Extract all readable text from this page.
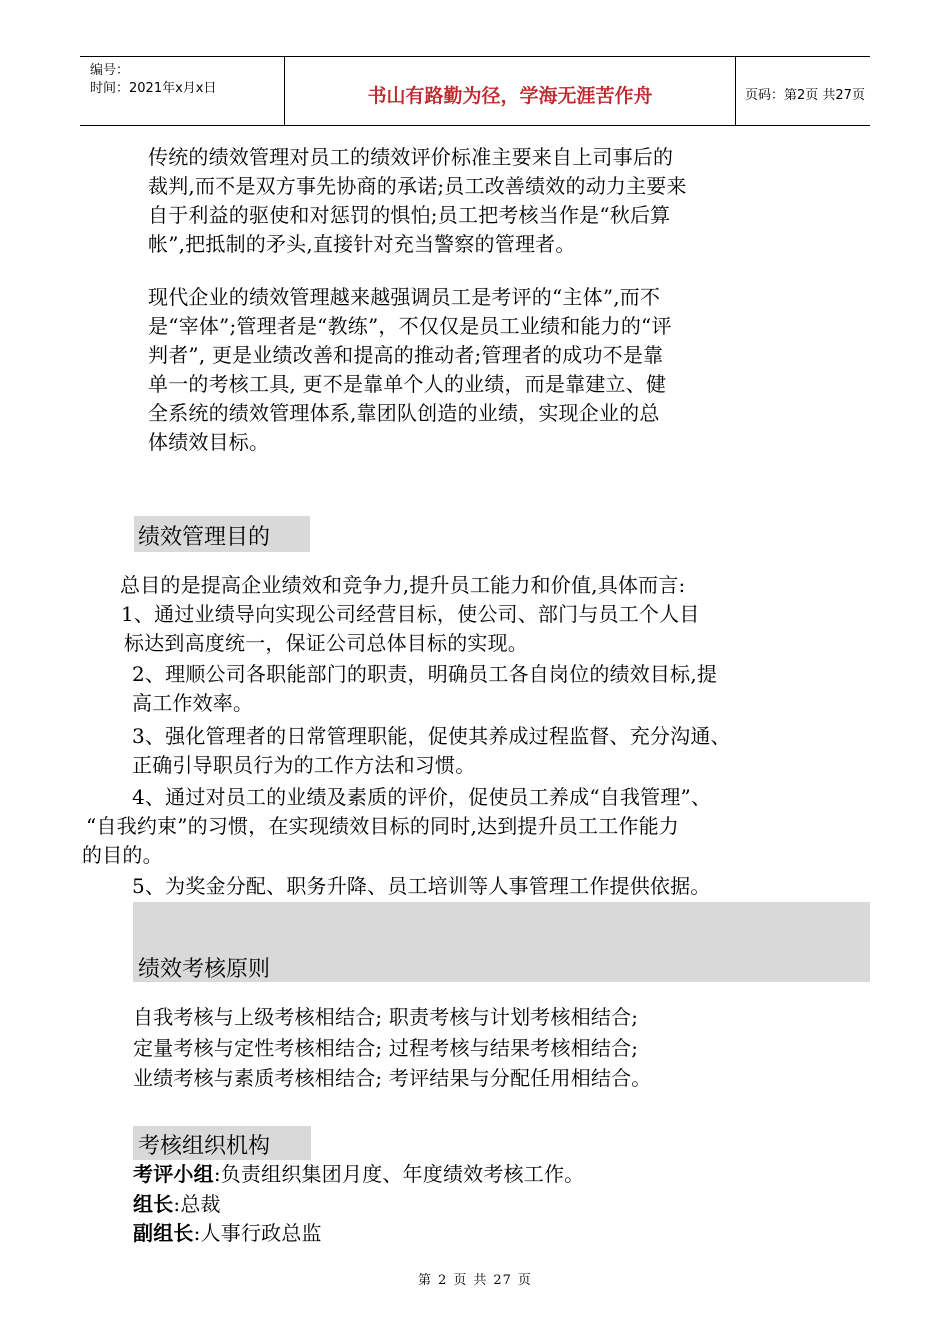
编号：
时间：2021年x月x日	书山有路勤为径，学海无涯苦作舟	页码：第2页 共27页
传统的绩效管理对员工的绩效评价标准主要来自上司事后的
裁判,而不是双方事先协商的承诺;员工改善绩效的动力主要来
自于利益的驱使和对惩罚的惧怕;员工把考核当作是“秋后算
帐”,把抵制的矛头,直接针对充当警察的管理者。
现代企业的绩效管理越来越强调员工是考评的“主体”,而不
是“宰体”;管理者是“教练”，不仅仅是员工业绩和能力的“评
判者”, 更是业绩改善和提高的推动者;管理者的成功不是靠
单一的考核工具, 更不是靠单个人的业绩，而是靠建立、健
全系统的绩效管理体系,靠团队创造的业绩，实现企业的总
体绩效目标。
绩效管理目的
总目的是提高企业绩效和竞争力,提升员工能力和价值,具体而言:
1、通过业绩导向实现公司经营目标，使公司、部门与员工个人目
标达到高度统一，保证公司总体目标的实现。
2、理顺公司各职能部门的职责，明确员工各自岗位的绩效目标,提
高工作效率。
3、强化管理者的日常管理职能，促使其养成过程监督、充分沟通、
正确引导职员行为的工作方法和习惯。
4、通过对员工的业绩及素质的评价，促使员工养成“自我管理”、
“自我约束”的习惯，在实现绩效目标的同时,达到提升员工工作能力
的目的。
5、为奖金分配、职务升降、员工培训等人事管理工作提供依据。
绩效考核原则
自我考核与上级考核相结合; 职责考核与计划考核相结合;
定量考核与定性考核相结合; 过程考核与结果考核相结合;
业绩考核与素质考核相结合; 考评结果与分配任用相结合。
考核组织机构
考评小组:负责组织集团月度、年度绩效考核工作。
组长:总裁
副组长:人事行政总监
第 2 页 共 27 页
